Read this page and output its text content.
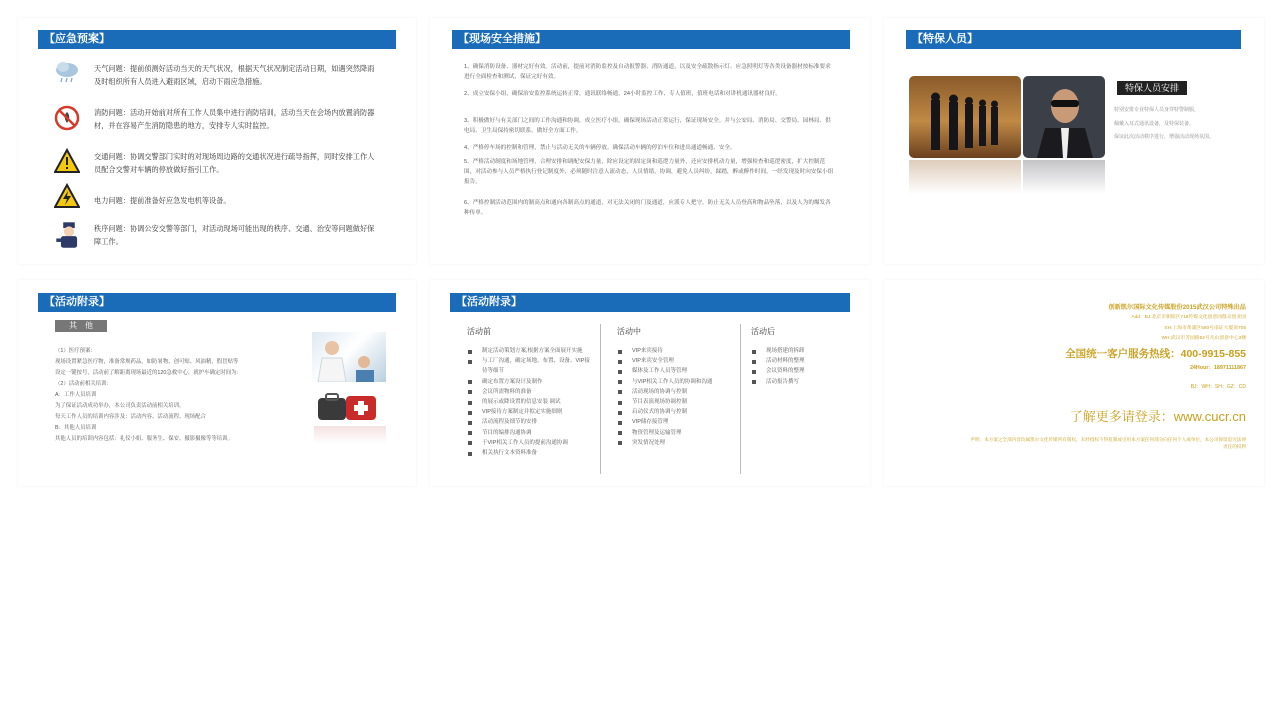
【应急预案】
天气问题：提前侦测好活动当天的天气状况，根据天气状况制定活动日期，如遇突然降雨及时组织所有人员进入避雨区域，启动下雨应急措施。
消防问题：活动开始前对所有工作人员集中进行消防培训，活动当天在会场内放置消防器材，并在容易产生消防隐患的地方，安排专人实时监控。
交通问题：协调交警部门实时的对现场周边路的交通状况进行疏导指挥，同时安排工作人员配合交警对车辆的停放做好指引工作。
电力问题：提前准备好应急发电机等设备。
秩序问题：协调公安交警等部门，对活动现场可能出现的秩序、交通、治安等问题做好保障工作。
【现场安全措施】
1、确保消防设备、器材完好有效。活动前，提前对消防监控及自动报警器、消防通道，以及安全疏散指示灯、应急照明灯等各类设备器材按标准要求进行全面检查和测试，保证完好有效。
2、成立安保小组，确保治安监控系统运转正常，通讯联络畅通，24小时监控工作、专人值班，值班电话和对讲机通讯器材良好。
3、积极做好与有关部门之间的工作沟通和协调，成立医疗小组，确保现场活动正常运行，保证现场安全。并与公安局、消防局、交警局、园林局、供电局、卫生局保持密切联系，做好全方面工作。
4、严格停车场的控制和管理，禁止与活动无关的车辆停放。确保活动车辆的停泊车位和进出通道畅通、安全。
5、严格活动制度和场地管理，合理安排和调配安保力量，除应设定的固定岗和巡逻力量外，还应安排机动力量，增强检查和巡逻密度，扩大控制范围，对活动参与人员严格执行登记制度外，必须随时注意人流动态，人员情绪，协调，避免人员纠纷，踩踏，醉或醉作时间，一经发现及时向安保小组报告。
6、严格控制活动范围内的制高点和通向各制高点的通道，对无法关闭的门及通道，应派专人把守，防止无关人员登高和物品坠落，以及人为的爆发各种传单。
【特保人员】
特保人员安排
特别安排专业特保人员身穿特警制服，
佩戴入耳式通讯设备，及特保装备。
保证此次活动秩序进行，增强活动现场氛围。
【活动附录】
其　他
（1）医疗预案：
现场设置紧急医疗物，准备常规药品，如防暑物，创可贴、风油精，假冒贴等
设定一键按号，活动前了解距离现场最近的120急救中心，就护车确定时间为：
（2）活动前相关培训：
A：工作人员培训
为了保证活动成功举办，本公司负责活动前相关培训。
每天工作人员的培训内容涉及：活动内容、活动流程、现场配合
B：其他人员培训
其他人员的培训内容包括：礼仪小姐、服务生、保安、摄影摄像等等培训。
【活动附录】
活动前
制定活动策划方案,根据方案全面展开实施
与工厂沟通，确定场地、布置、设备、VIP接待等细节
确定布置方案设计及制作
会议所需物料的准备
的展示或降设置的信息安装 调试
VIP接待方案制定并拟定实施细则
活动流程及细节的安排
节目的编排沟通协调
于VIP相关工作人员的提前沟通协调
相关执行文本资料准备
活动中
VIP来宾接待
VIP来宾安全管理
媒体及工作人员等管理
与VIP相关工作人员的协调和沟通
活动现场的协调与控制
节目表演现场协调控制
启动仪式的协调与控制
VIP储存接管理
物资管理及运输管理
突发情况处理
活动后
现场搭建的拆卸
活动材料的整理
会议资料的整理
活动报告撰写
创新凯尔国际文化传媒股份2015武汉公司特殊出品
Add：BJ:北京市朝阳区718传媒文化创意园群众创业园
SH:上海市黄浦区580号南证大厦南705
WH:武汉市芳园路52号凡山创意中心3楼
全国统一客户服务热线：400-9915-855
24Hour：18971111867
BJ：WH：SH：GZ：CD
了解更多请登录：www.cucr.cn
声明：本方案之全部内容均属凯尔文化传媒所有版权，未经授权不得复制或引用本方案任何部分向任何个人或单位，本公司保留追究法律责任的权利
